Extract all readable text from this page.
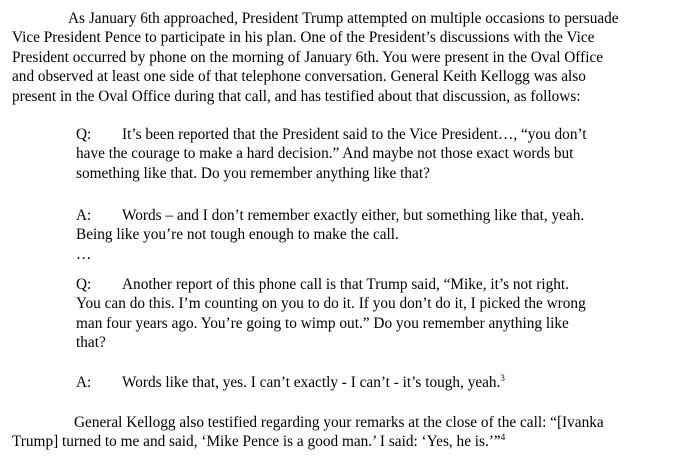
As January 6th approached, President Trump attempted on multiple occasions to persuade
Vice President Pence to participate in his plan. One of the President’s discussions with the Vice
President occurred by phone on the morning of January 6th. You were present in the Oval Office
and observed at least one side of that telephone conversation. General Keith Kellogg was also
present in the Oval Office during that call, and has testified about that discussion, as follows:

Q: It’s been reported that the President said to the Vice President…, “you don’t
have the courage to make a hard decision.” And maybe not those exact words but
something like that. Do you remember anything like that?
A: Words – and I don’t remember exactly either, but something like that, yeah.
Being like you’re not tough enough to make the call.
…
Q: Another report of this phone call is that Trump said, “Mike, it’s not right.
You can do this. I’m counting on you to do it. If you don’t do it, I picked the wrong
man four years ago. You’re going to wimp out.” Do you remember anything like
that?
A: Words like that, yes. I can’t exactly - I can’t - it’s tough, yeah.$^3$

General Kellogg also testified regarding your remarks at the close of the call: “[Ivanka
Trump] turned to me and said, ‘Mike Pence is a good man.’ I said: ‘Yes, he is.’”$^4$
